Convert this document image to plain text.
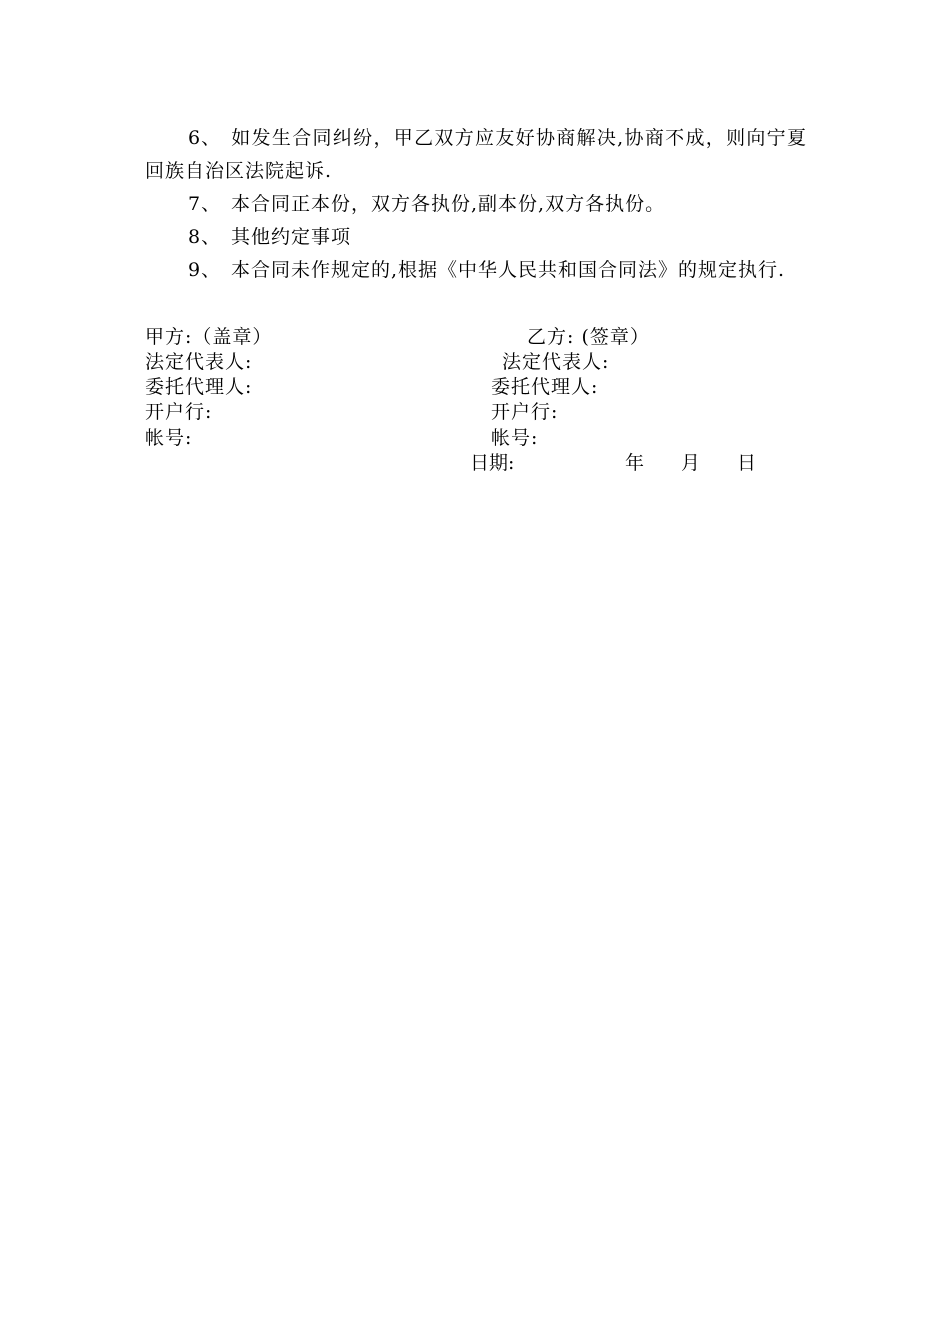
6、 如发生合同纠纷，甲乙双方应友好协商解决,协商不成，则向宁夏回族自治区法院起诉.

7、 本合同正本份，双方各执份,副本份,双方各执份。

8、 其他约定事项

9、 本合同未作规定的,根据《中华人民共和国合同法》的规定执行.

甲方:（盖章）
法定代表人:
委托代理人:
开户行:
帐号:
乙方: (签章）
法定代表人:
委托代理人:
开户行:
帐号:
日期:	年 月 日
